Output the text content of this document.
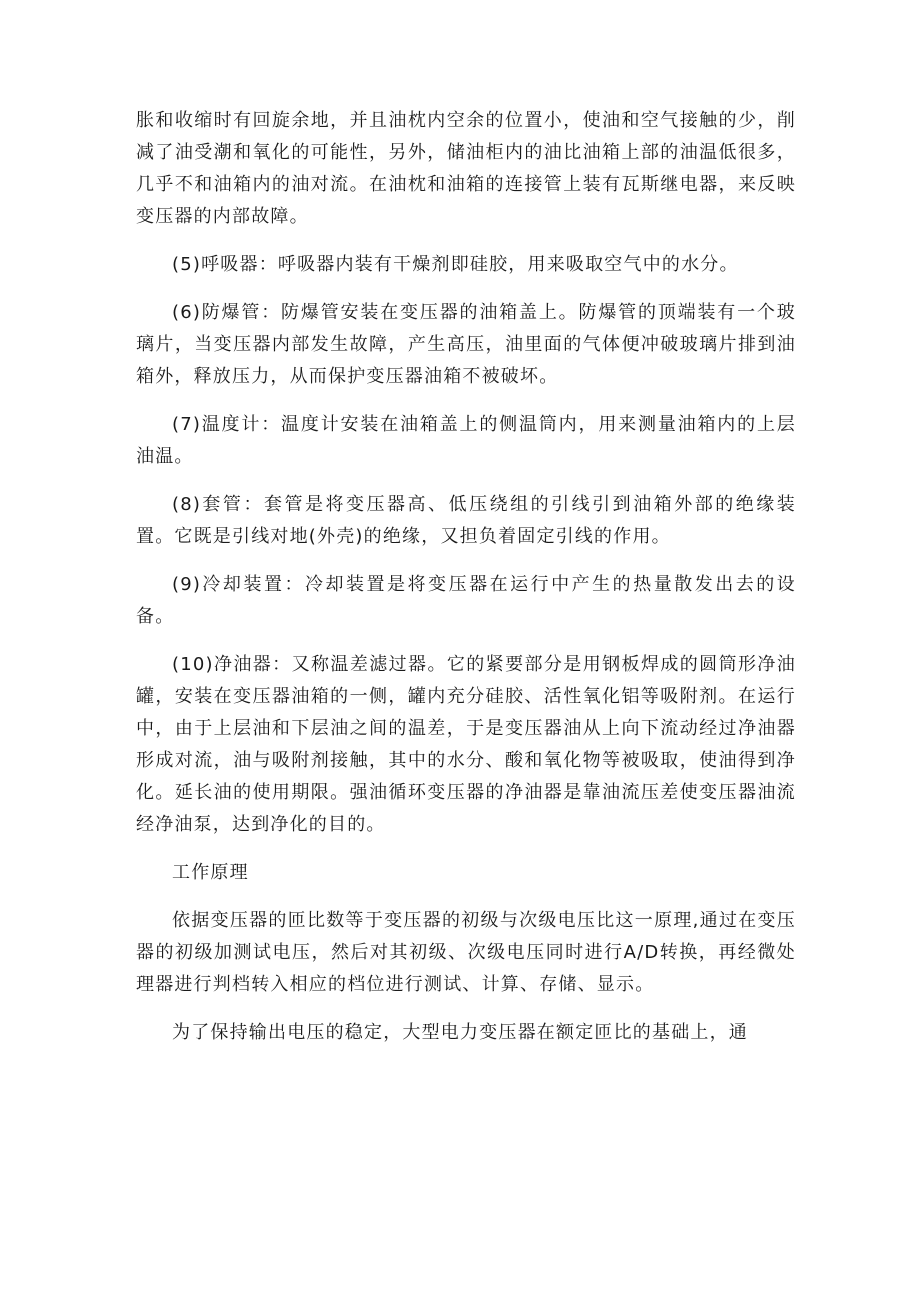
胀和收缩时有回旋余地，并且油枕内空余的位置小，使油和空气接触的少，削减了油受潮和氧化的可能性，另外，储油柜内的油比油箱上部的油温低很多，几乎不和油箱内的油对流。在油枕和油箱的连接管上装有瓦斯继电器，来反映变压器的内部故障。

(5)呼吸器：呼吸器内装有干燥剂即硅胶，用来吸取空气中的水分。

(6)防爆管：防爆管安装在变压器的油箱盖上。防爆管的顶端装有一个玻璃片，当变压器内部发生故障，产生高压，油里面的气体便冲破玻璃片排到油箱外，释放压力，从而保护变压器油箱不被破坏。

(7)温度计：温度计安装在油箱盖上的侧温筒内，用来测量油箱内的上层油温。

(8)套管：套管是将变压器高、低压绕组的引线引到油箱外部的绝缘装置。它既是引线对地(外壳)的绝缘，又担负着固定引线的作用。

(9)冷却装置：冷却装置是将变压器在运行中产生的热量散发出去的设备。

(10)净油器：又称温差滤过器。它的紧要部分是用钢板焊成的圆筒形净油罐，安装在变压器油箱的一侧，罐内充分硅胶、活性氧化铝等吸附剂。在运行中，由于上层油和下层油之间的温差，于是变压器油从上向下流动经过净油器形成对流，油与吸附剂接触，其中的水分、酸和氧化物等被吸取，使油得到净化。延长油的使用期限。强油循环变压器的净油器是靠油流压差使变压器油流经净油泵，达到净化的目的。

工作原理

依据变压器的匝比数等于变压器的初级与次级电压比这一原理,通过在变压器的初级加测试电压，然后对其初级、次级电压同时进行A/D转换，再经微处理器进行判档转入相应的档位进行测试、计算、存储、显示。

为了保持输出电压的稳定，大型电力变压器在额定匝比的基础上，通
